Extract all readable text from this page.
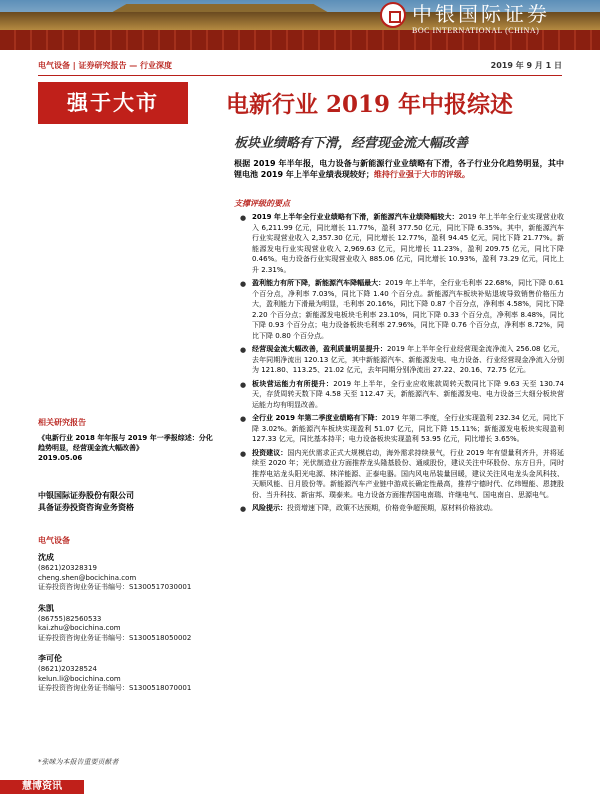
中银国际证券
BOC INTERNATIONAL (CHINA)
电气设备 | 证券研究报告 — 行业深度	2019 年 9 月 1 日
强于大市	电新行业 2019 年中报综述
板块业绩略有下滑，经营现金流大幅改善
根据 2019 年半年报，电力设备与新能源行业业绩略有下滑，各子行业分化趋势明显，其中锂电池 2019 年上半年业绩表现较好；维持行业强于大市的评级。
支撑评级的要点
● 2019 年上半年全行业业绩略有下滑，新能源汽车业绩降幅较大：2019 年上半年全行业实现营业收入 6,211.99 亿元，同比增长 11.77%，盈利 377.50 亿元，同比下降 6.35%。其中，新能源汽车行业实现营业收入 2,357.30 亿元，同比增长 12.77%，盈利 94.45 亿元，同比下降 21.77%。新能源发电行业实现营业收入 2,969.63 亿元，同比增长 11.23%，盈利 209.75 亿元，同比下降 0.46%。电力设备行业实现营业收入 885.06 亿元，同比增长 10.93%，盈利 73.29 亿元，同比上升 2.31%。
● 盈利能力有所下降，新能源汽车降幅最大：2019 年上半年，全行业毛利率 22.68%，同比下降 0.61 个百分点，净利率 7.03%，同比下降 1.40 个百分点。新能源汽车板块补贴退坡导致销售价格压力大，盈利能力下滑最为明显，毛利率 20.16%，同比下降 0.87 个百分点，净利率 4.58%，同比下降 2.20 个百分点；新能源发电板块毛利率 23.10%，同比下降 0.33 个百分点，净利率 8.48%，同比下降 0.93 个百分点；电力设备板块毛利率 27.96%，同比下降 0.76 个百分点，净利率 8.72%，同比下降 0.80 个百分点。
● 经营现金流大幅改善，盈利质量明显提升：2019 年上半年全行业经营现金流净流入 256.08 亿元，去年同期净流出 120.13 亿元，其中新能源汽车、新能源发电、电力设备、行业经营现金净流入分别为 121.80、113.25、21.02 亿元，去年同期分别净流出 27.22、20.16、72.75 亿元。
● 板块营运能力有所提升：2019 年上半年，全行业应收账款周转天数同比下降 9.63 天至 130.74 天，存货周转天数下降 4.58 天至 112.47 天，新能源汽车、新能源发电、电力设备三大细分板块营运能力均有明显改善。
● 全行业 2019 年第二季度业绩略有下降：2019 年第二季度，全行业实现盈利 232.34 亿元，同比下降 3.02%。新能源汽车板块实现盈利 51.07 亿元，同比下降 15.11%；新能源发电板块实现盈利 127.33 亿元，同比基本持平；电力设备板块实现盈利 53.95 亿元，同比增长 3.65%。
● 投资建议：国内光伏需求正式大规模启动，海外需求持续景气，行业 2019 年有望量利齐升，并将延续至 2020 年；光伏制造业方面推荐龙头隆基股份、通威股份，建议关注中环股份、东方日升，同时推荐电站龙头阳光电源、林洋能源、正泰电器。国内风电吊装量回暖，建议关注风电龙头金风科技、天顺风能、日月股份等。新能源汽车产业链中游成长确定性最高，推荐宁德时代、亿纬锂能、恩捷股份、当升科技、新宙邦、璞泰来。电力设备方面推荐国电南瑞、许继电气、国电南自、思源电气。
● 风险提示：投资增速下降，政策不达预期，价格竞争超预期，原材料价格波动。
相关研究报告
《电新行业 2018 年年报与 2019 年一季报综述：分化趋势明显，经营现金流大幅改善》
2019.05.06
中银国际证券股份有限公司
具备证券投资咨询业务资格
电气设备
沈成
(8621)20328319
cheng.shen@bocichina.com
证券投资咨询业务证书编号：S1300517030001
朱凯
(86755)82560533
kai.zhu@bocichina.com
证券投资咨询业务证书编号：S1300518050002
李可伦
(8621)20328524
kelun.li@bocichina.com
证券投资咨询业务证书编号：S1300518070001
*张咪为本报告重要贡献者
慧博资讯
